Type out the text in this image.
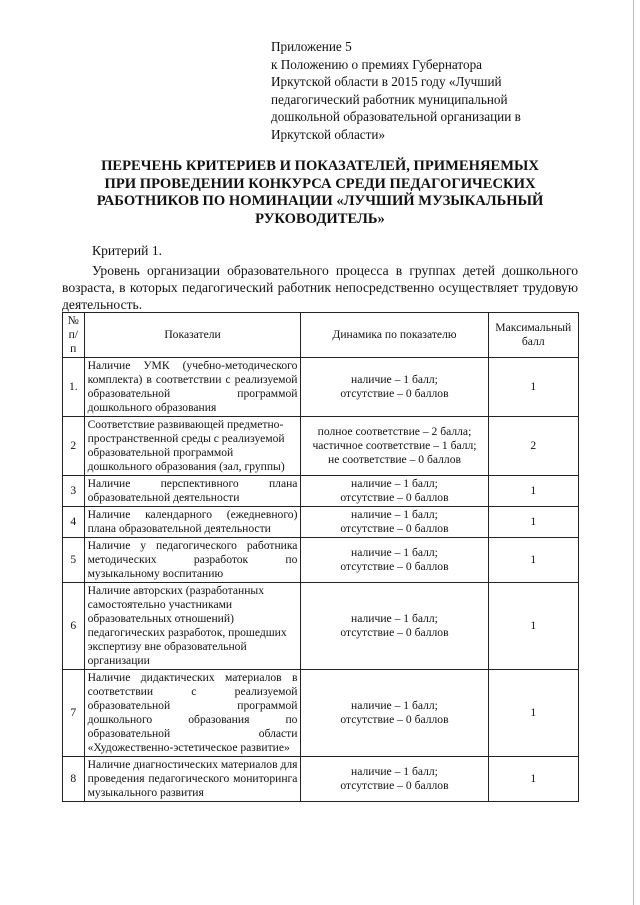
Приложение 5
к Положению о премиях Губернатора
Иркутской области в 2015 году «Лучший
педагогический работник муниципальной
дошкольной образовательной организации в
Иркутской области»
ПЕРЕЧЕНЬ КРИТЕРИЕВ И ПОКАЗАТЕЛЕЙ, ПРИМЕНЯЕМЫХ
ПРИ ПРОВЕДЕНИИ КОНКУРСА СРЕДИ ПЕДАГОГИЧЕСКИХ
РАБОТНИКОВ ПО НОМИНАЦИИ «ЛУЧШИЙ МУЗЫКАЛЬНЫЙ
РУКОВОДИТЕЛЬ»
Критерий 1.
Уровень организации образовательного процесса в группах детей дошкольного возраста, в которых педагогический работник непосредственно осуществляет трудовую деятельность.
№ п/п	Показатели	Динамика по показателю	Максимальный балл
1.	Наличие УМК (учебно-методического комплекта) в соответствии с реализуемой образовательной программой дошкольного образования	наличие – 1 балл;
отсутствие – 0 баллов	1
2	Соответствие развивающей предметно-пространственной среды с реализуемой образовательной программой дошкольного образования (зал, группы)	полное соответствие – 2 балла;
частичное соответствие – 1 балл;
не соответствие – 0 баллов	2
3	Наличие перспективного плана образовательной деятельности	наличие – 1 балл;
отсутствие – 0 баллов	1
4	Наличие календарного (ежедневного) плана образовательной деятельности	наличие – 1 балл;
отсутствие – 0 баллов	1
5	Наличие у педагогического работника методических разработок по музыкальному воспитанию	наличие – 1 балл;
отсутствие – 0 баллов	1
6	Наличие авторских (разработанных самостоятельно участниками образовательных отношений) педагогических разработок, прошедших экспертизу вне образовательной организации	наличие – 1 балл;
отсутствие – 0 баллов	1
7	Наличие дидактических материалов в соответствии с реализуемой образовательной программой дошкольного образования по образовательной области «Художественно-эстетическое развитие»	наличие – 1 балл;
отсутствие – 0 баллов	1
8	Наличие диагностических материалов для проведения педагогического мониторинга музыкального развития	наличие – 1 балл;
отсутствие – 0 баллов	1
